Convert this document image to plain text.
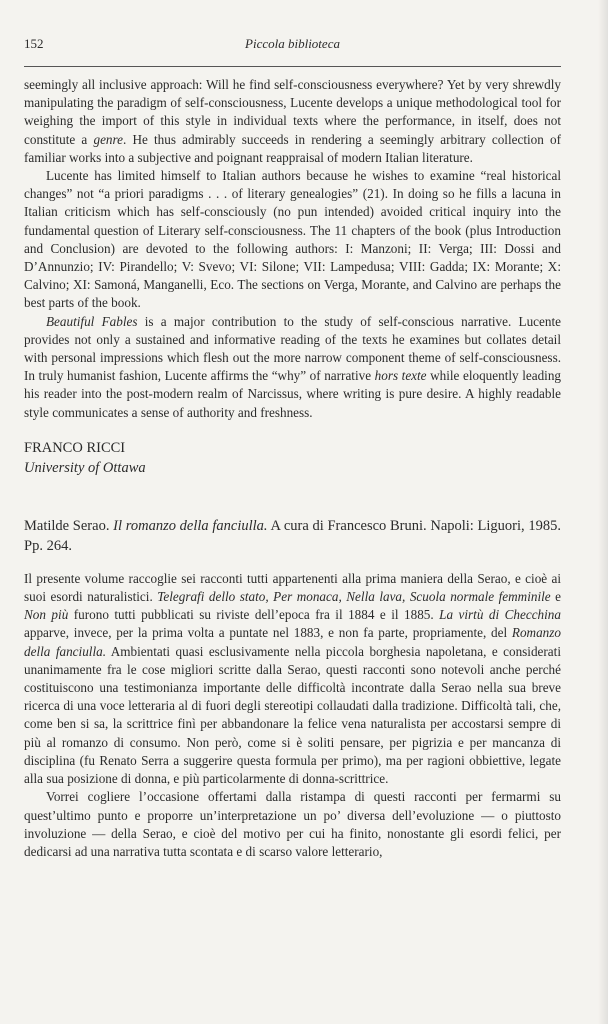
152	Piccola biblioteca

seemingly all inclusive approach: Will he find self-consciousness everywhere? Yet by very shrewdly manipulating the paradigm of self-consciousness, Lucente develops a unique methodological tool for weighing the import of this style in individual texts where the performance, in itself, does not constitute a genre. He thus admirably succeeds in rendering a seemingly arbitrary collection of familiar works into a subjective and poignant reappraisal of modern Italian literature.

Lucente has limited himself to Italian authors because he wishes to examine “real historical changes” not “a priori paradigms . . . of literary genealogies” (21). In doing so he fills a lacuna in Italian criticism which has self-consciously (no pun intended) avoided critical inquiry into the fundamental question of Literary self-consciousness. The 11 chapters of the book (plus Introduction and Conclusion) are devoted to the following authors: I: Manzoni; II: Verga; III: Dossi and D’Annunzio; IV: Pirandello; V: Svevo; VI: Silone; VII: Lampedusa; VIII: Gadda; IX: Morante; X: Calvino; XI: Samoná, Manganelli, Eco. The sections on Verga, Morante, and Calvino are perhaps the best parts of the book.

Beautiful Fables is a major contribution to the study of self-conscious narrative. Lucente provides not only a sustained and informative reading of the texts he examines but collates detail with personal impressions which flesh out the more narrow component theme of self-consciousness. In truly humanist fashion, Lucente affirms the “why” of narrative hors texte while eloquently leading his reader into the post-modern realm of Narcissus, where writing is pure desire. A highly readable style communicates a sense of authority and freshness.

FRANCO RICCI
University of Ottawa
Matilde Serao. Il romanzo della fanciulla. A cura di Francesco Bruni. Napoli: Liguori, 1985. Pp. 264.

Il presente volume raccoglie sei racconti tutti appartenenti alla prima maniera della Serao, e cioè ai suoi esordi naturalistici. Telegrafi dello stato, Per monaca, Nella lava, Scuola normale femminile e Non più furono tutti pubblicati su riviste dell’epoca fra il 1884 e il 1885. La virtù di Checchina apparve, invece, per la prima volta a puntate nel 1883, e non fa parte, propriamente, del Romanzo della fanciulla. Ambientati quasi esclusivamente nella piccola borghesia napoletana, e considerati unanimamente fra le cose migliori scritte dalla Serao, questi racconti sono notevoli anche perché costituiscono una testimonianza importante delle difficoltà incontrate dalla Serao nella sua breve ricerca di una voce letteraria al di fuori degli stereotipi collaudati dalla tradizione. Difficoltà tali, che, come ben si sa, la scrittrice finì per abbandonare la felice vena naturalista per accostarsi sempre di più al romanzo di consumo. Non però, come si è soliti pensare, per pigrizia e per mancanza di disciplina (fu Renato Serra a suggerire questa formula per primo), ma per ragioni obbiettive, legate alla sua posizione di donna, e più particolarmente di donna-scrittrice.

Vorrei cogliere l’occasione offertami dalla ristampa di questi racconti per fermarmi su quest’ultimo punto e proporre un’interpretazione un po’ diversa dell’evoluzione — o piuttosto involuzione — della Serao, e cioè del motivo per cui ha finito, nonostante gli esordi felici, per dedicarsi ad una narrativa tutta scontata e di scarso valore letterario,
